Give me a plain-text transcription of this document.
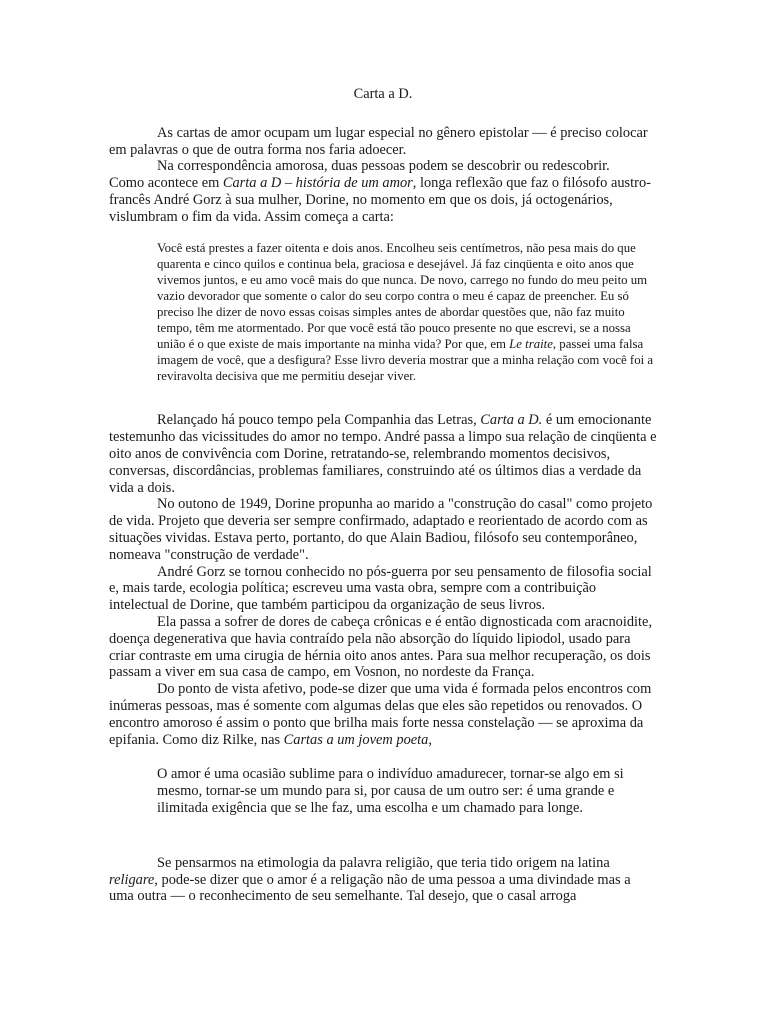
Carta a D.

As cartas de amor ocupam um lugar especial no gênero epistolar — é preciso colocar em palavras o que de outra forma nos faria adoecer.

Na correspondência amorosa, duas pessoas podem se descobrir ou redescobrir.

Como acontece em Carta a D – história de um amor, longa reflexão que faz o filósofo austro-francês André Gorz à sua mulher, Dorine, no momento em que os dois, já octogenários, vislumbram o fim da vida. Assim começa a carta:

Você está prestes a fazer oitenta e dois anos. Encolheu seis centímetros, não pesa mais do que quarenta e cinco quilos e continua bela, graciosa e desejável. Já faz cinqüenta e oito anos que vivemos juntos, e eu amo você mais do que nunca. De novo, carrego no fundo do meu peito um vazio devorador que somente o calor do seu corpo contra o meu é capaz de preencher. Eu só preciso lhe dizer de novo essas coisas simples antes de abordar questões que, não faz muito tempo, têm me atormentado. Por que você está tão pouco presente no que escrevi, se a nossa união é o que existe de mais importante na minha vida? Por que, em Le traite, passei uma falsa imagem de você, que a desfigura? Esse livro deveria mostrar que a minha relação com você foi a reviravolta decisiva que me permitiu desejar viver.

Relançado há pouco tempo pela Companhia das Letras, Carta a D. é um emocionante testemunho das vicissitudes do amor no tempo. André passa a limpo sua relação de cinqüenta e oito anos de convivência com Dorine, retratando-se, relembrando momentos decisivos, conversas, discordâncias, problemas familiares, construindo até os últimos dias a verdade da vida a dois.

No outono de 1949, Dorine propunha ao marido a "construção do casal" como projeto de vida. Projeto que deveria ser sempre confirmado, adaptado e reorientado de acordo com as situações vividas. Estava perto, portanto, do que Alain Badiou, filósofo seu contemporâneo, nomeava "construção de verdade".

André Gorz se tornou conhecido no pós-guerra por seu pensamento de filosofia social e, mais tarde, ecologia política; escreveu uma vasta obra, sempre com a contribuição intelectual de Dorine, que também participou da organização de seus livros.

Ela passa a sofrer de dores de cabeça crônicas e é então dignosticada com aracnoidite, doença degenerativa que havia contraído pela não absorção do líquido lipiodol, usado para criar contraste em uma cirugia de hérnia oito anos antes. Para sua melhor recuperação, os dois passam a viver em sua casa de campo, em Vosnon, no nordeste da França.

Do ponto de vista afetivo, pode-se dizer que uma vida é formada pelos encontros com inúmeras pessoas, mas é somente com algumas delas que eles são repetidos ou renovados. O encontro amoroso é assim o ponto que brilha mais forte nessa constelação — se aproxima da epifania. Como diz Rilke, nas Cartas a um jovem poeta,

O amor é uma ocasião sublime para o indivíduo amadurecer, tornar-se algo em si mesmo, tornar-se um mundo para si, por causa de um outro ser: é uma grande e ilimitada exigência que se lhe faz, uma escolha e um chamado para longe.

Se pensarmos na etimologia da palavra religião, que teria tido origem na latina religare, pode-se dizer que o amor é a religação não de uma pessoa a uma divindade mas a uma outra — o reconhecimento de seu semelhante. Tal desejo, que o casal arroga
